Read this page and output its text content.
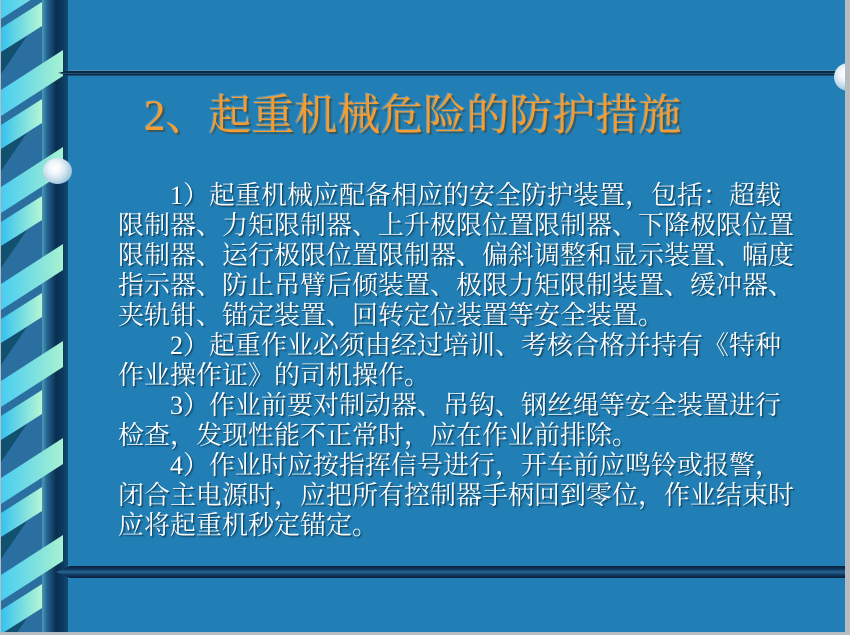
2、起重机械危险的防护措施
　　1）起重机械应配备相应的安全防护装置，包括：超载
限制器、力矩限制器、上升极限位置限制器、下降极限位置
限制器、运行极限位置限制器、偏斜调整和显示装置、幅度
指示器、防止吊臂后倾装置、极限力矩限制装置、缓冲器、
夹轨钳、锚定装置、回转定位装置等安全装置。
　　2）起重作业必须由经过培训、考核合格并持有《特种
作业操作证》的司机操作。
　　3）作业前要对制动器、吊钩、钢丝绳等安全装置进行
检查，发现性能不正常时，应在作业前排除。
　　4）作业时应按指挥信号进行，开车前应鸣铃或报警，
闭合主电源时，应把所有控制器手柄回到零位，作业结束时
应将起重机秒定锚定。
